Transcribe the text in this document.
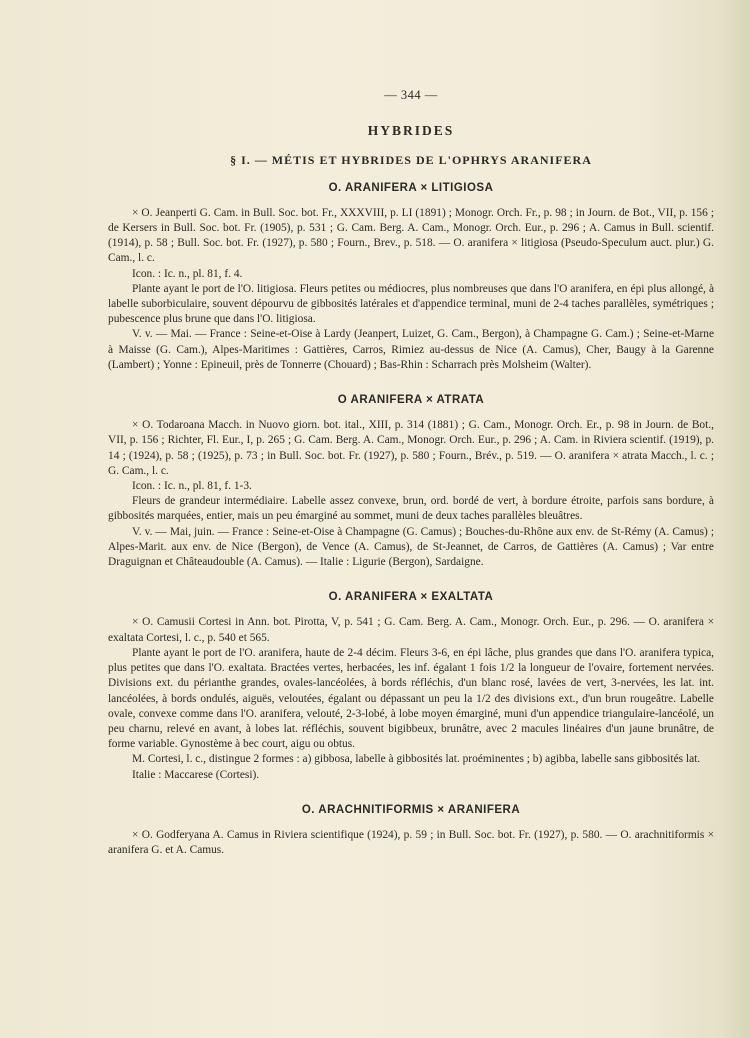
— 344 —
HYBRIDES
§ I. — MÉTIS ET HYBRIDES DE L'OPHRYS ARANIFERA
O. ARANIFERA × LITIGIOSA

× O. Jeanperti G. Cam. in Bull. Soc. bot. Fr., XXXVIII, p. LI (1891) ; Monogr. Orch. Fr., p. 98 ; in Journ. de Bot., VII, p. 156 ; de Kersers in Bull. Soc. bot. Fr. (1905), p. 531 ; G. Cam. Berg. A. Cam., Monogr. Orch. Eur., p. 296 ; A. Camus in Bull. scientif. (1914), p. 58 ; Bull. Soc. bot. Fr. (1927), p. 580 ; Fourn., Brev., p. 518. — O. aranifera × litigiosa (Pseudo-Speculum auct. plur.) G. Cam., l. c.

Icon. : Ic. n., pl. 81, f. 4.

Plante ayant le port de l'O. litigiosa. Fleurs petites ou médiocres, plus nombreuses que dans l'O aranifera, en épi plus allongé, à labelle suborbiculaire, souvent dépourvu de gibbosités latérales et d'appendice terminal, muni de 2-4 taches parallèles, symétriques ; pubescence plus brune que dans l'O. litigiosa.

V. v. — Mai. — France : Seine-et-Oise à Lardy (Jeanpert, Luizet, G. Cam., Bergon), à Champagne G. Cam.) ; Seine-et-Marne à Maisse (G. Cam.), Alpes-Maritimes : Gattières, Carros, Rimiez au-dessus de Nice (A. Camus), Cher, Baugy à la Garenne (Lambert) ; Yonne : Epineuil, près de Tonnerre (Chouard) ; Bas-Rhin : Scharrach près Molsheim (Walter).

O ARANIFERA × ATRATA

× O. Todaroana Macch. in Nuovo giorn. bot. ital., XIII, p. 314 (1881) ; G. Cam., Monogr. Orch. Er., p. 98 in Journ. de Bot., VII, p. 156 ; Richter, Fl. Eur., I, p. 265 ; G. Cam. Berg. A. Cam., Monogr. Orch. Eur., p. 296 ; A. Cam. in Riviera scientif. (1919), p. 14 ; (1924), p. 58 ; (1925), p. 73 ; in Bull. Soc. bot. Fr. (1927), p. 580 ; Fourn., Brév., p. 519. — O. aranifera × atrata Macch., l. c. ; G. Cam., l. c.

Icon. : Ic. n., pl. 81, f. 1-3.

Fleurs de grandeur intermédiaire. Labelle assez convexe, brun, ord. bordé de vert, à bordure étroite, parfois sans bordure, à gibbosités marquées, entier, mais un peu émarginé au sommet, muni de deux taches parallèles bleuâtres.

V. v. — Mai, juin. — France : Seine-et-Oise à Champagne (G. Camus) ; Bouches-du-Rhône aux env. de St-Rémy (A. Camus) ; Alpes-Marit. aux env. de Nice (Bergon), de Vence (A. Camus), de St-Jeannet, de Carros, de Gattières (A. Camus) ; Var entre Draguignan et Châteaudouble (A. Camus). — Italie : Ligurie (Bergon), Sardaigne.

O. ARANIFERA × EXALTATA

× O. Camusii Cortesi in Ann. bot. Pirotta, V, p. 541 ; G. Cam. Berg. A. Cam., Monogr. Orch. Eur., p. 296. — O. aranifera × exaltata Cortesi, l. c., p. 540 et 565.

Plante ayant le port de l'O. aranifera, haute de 2-4 décim. Fleurs 3-6, en épi lâche, plus grandes que dans l'O. aranifera typica, plus petites que dans l'O. exaltata. Bractées vertes, herbacées, les inf. égalant 1 fois 1/2 la longueur de l'ovaire, fortement nervées. Divisions ext. du périanthe grandes, ovales-lancéolées, à bords réfléchis, d'un blanc rosé, lavées de vert, 3-nervées, les lat. int. lancéolées, à bords ondulés, aiguës, veloutées, égalant ou dépassant un peu la 1/2 des divisions ext., d'un brun rougeâtre. Labelle ovale, convexe comme dans l'O. aranifera, velouté, 2-3-lobé, à lobe moyen émarginé, muni d'un appendice triangulaire-lancéolé, un peu charnu, relevé en avant, à lobes lat. réfléchis, souvent bigibbeux, brunâtre, avec 2 macules linéaires d'un jaune brunâtre, de forme variable. Gynostème à bec court, aigu ou obtus.

M. Cortesi, l. c., distingue 2 formes : a) gibbosa, labelle à gibbosités lat. proéminentes ; b) agibba, labelle sans gibbosités lat.

Italie : Maccarese (Cortesi).

O. ARACHNITIFORMIS × ARANIFERA

× O. Godferyana A. Camus in Riviera scientifique (1924), p. 59 ; in Bull. Soc. bot. Fr. (1927), p. 580. — O. arachnitiformis × aranifera G. et A. Camus.
